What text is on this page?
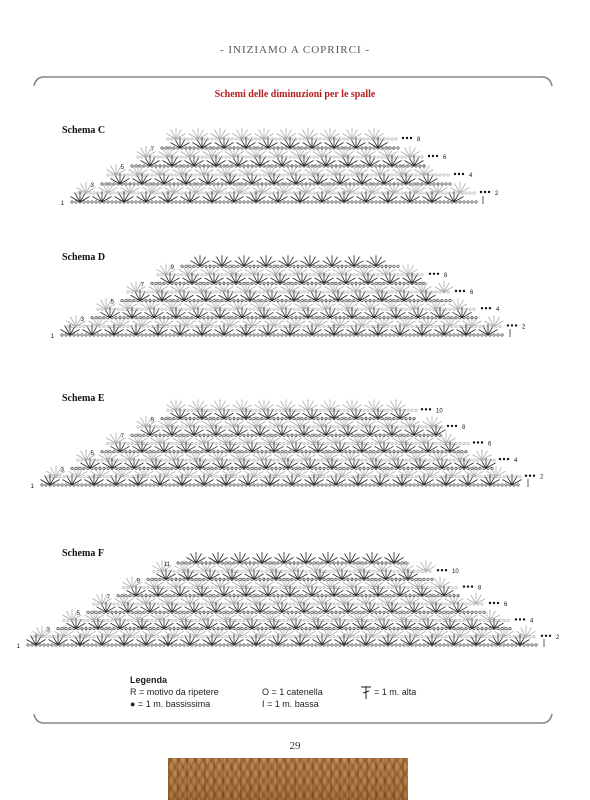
- INIZIAMO A COPRIRCI -
Schemi delle diminuzioni per le spalle
1
2
3
4
5
6
7
8
1
2
3
4
5
6
7
8
9
1
2
3
4
5
6
7
8
9
10
1
2
3
4
5
6
7
8
9
10
11
Schema C
Schema D
Schema E
Schema F
Legenda
R = motivo da ripetere
● = 1 m. bassissima
O = 1 catenella
I = 1 m. bassa
= 1 m. alta
29
PassionForum.ru
